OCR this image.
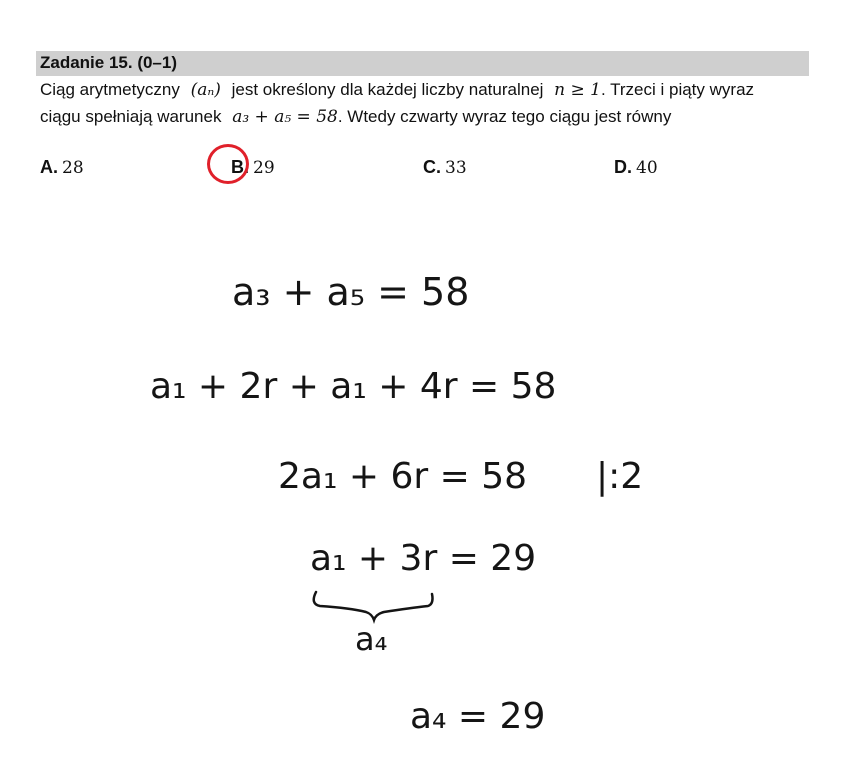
Zadanie 15. (0–1)
Ciąg arytmetyczny (aₙ) jest określony dla każdej liczby naturalnej n ≥ 1. Trzeci i piąty wyraz
ciągu spełniają warunek a₃ + a₅ = 58. Wtedy czwarty wyraz tego ciągu jest równy
A. 28	B. 29	C. 33	D. 40
a₃ + a₅ = 58
a₁ + 2r + a₁ + 4r = 58
2a₁ + 6r = 58 |:2
a₁ + 3r = 29
a₄
a₄ = 29
